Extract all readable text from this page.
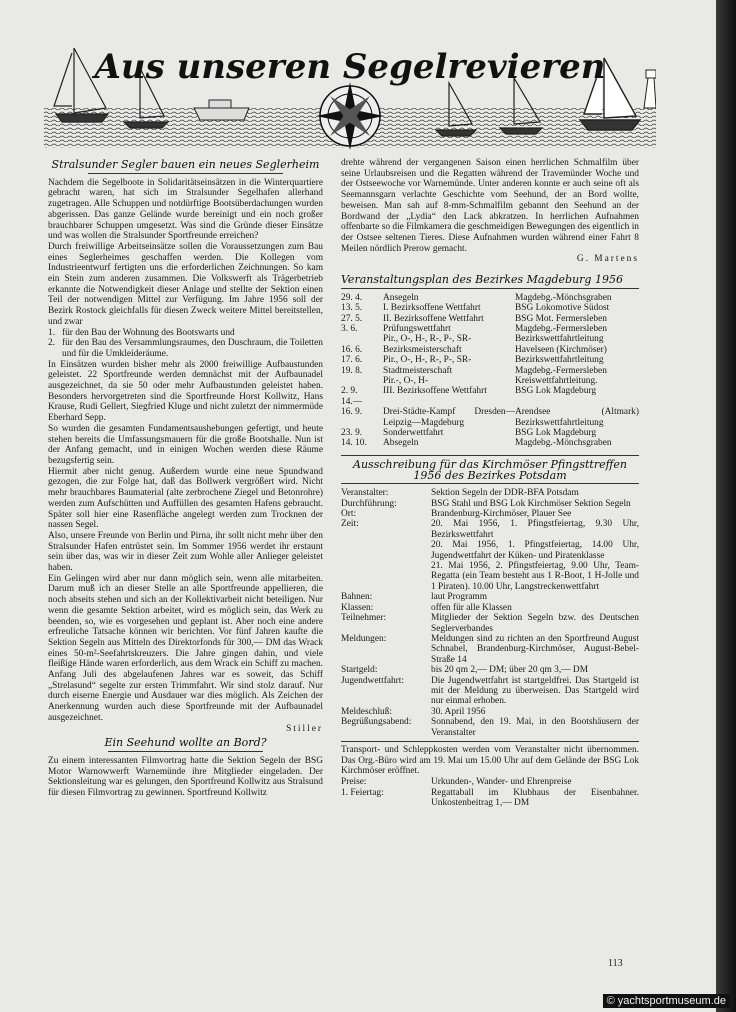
Aus unseren Segelrevieren

Stralsunder Segler bauen ein neues Seglerheim

Nachdem die Segelboote in Solidaritätseinsätzen in die Winterquartiere gebracht waren, hat sich im Stralsunder Segelhafen allerhand zugetragen. Alle Schuppen und notdürftige Bootsüberdachungen wurden abgerissen. Das ganze Gelände wurde bereinigt und ein noch großer brauchbarer Schuppen umgesetzt. Was sind die Gründe dieser Einsätze und was wollen die Stralsunder Sportfreunde erreichen?

Durch freiwillige Arbeitseinsätze sollen die Voraussetzungen zum Bau eines Seglerheimes geschaffen werden. Die Kollegen vom Industrieentwurf fertigten uns die erforderlichen Zeichnungen. So kam ein Stein zum anderen zusammen. Die Volkswerft als Trägerbetrieb erkannte die Notwendigkeit dieser Anlage und stellte der Sektion einen Teil der notwendigen Mittel zur Verfügung. Im Jahre 1956 soll der Bezirk Rostock gleichfalls für diesen Zweck weitere Mittel bereitstellen, und zwar

1. für den Bau der Wohnung des Bootswarts und
2. für den Bau des Versammlungsraumes, den Duschraum, die Toiletten und für die Umkleideräume.

In Einsätzen wurden bisher mehr als 2000 freiwillige Aufbaustunden geleistet. 22 Sportfreunde werden demnächst mit der Aufbaunadel ausgezeichnet, da sie 50 oder mehr Aufbaustunden geleistet haben. Besonders hervorgetreten sind die Sportfreunde Horst Kollwitz, Hans Krause, Rudi Gellert, Siegfried Kluge und nicht zuletzt der nimmermüde Eberhard Sepp.

So wurden die gesamten Fundamentsaushebungen gefertigt, und heute stehen bereits die Umfassungsmauern für die große Bootshalle. Nun ist der Anfang gemacht, und in einigen Wochen werden diese Räume bezugsfertig sein.

Hiermit aber nicht genug. Außerdem wurde eine neue Spundwand gezogen, die zur Folge hat, daß das Bollwerk vergrößert wird. Nicht mehr brauchbares Baumaterial (alte zerbrochene Ziegel und Betonrohre) werden zum Aufschütten und Auffüllen des gesamten Hafens gebraucht. Später soll hier eine Rasenfläche angelegt werden zum Trocknen der nassen Segel.

Also, unsere Freunde von Berlin und Pirna, ihr sollt nicht mehr über den Stralsunder Hafen entrüstet sein. Im Sommer 1956 werdet ihr erstaunt sein über das, was wir in dieser Zeit zum Wohle aller Anlieger geleistet haben.

Ein Gelingen wird aber nur dann möglich sein, wenn alle mitarbeiten. Darum muß ich an dieser Stelle an alle Sportfreunde appellieren, die noch abseits stehen und sich an der Kollektivarbeit nicht beteiligen. Nur wenn die gesamte Sektion arbeitet, wird es möglich sein, das Werk zu beenden, so, wie es vorgesehen und geplant ist. Aber noch eine andere erfreuliche Tatsache können wir berichten. Vor fünf Jahren kaufte die Sektion Segeln aus Mitteln des Direktorfonds für 300,— DM das Wrack eines 50-m²-Seefahrtskreuzers. Die Jahre gingen dahin, und viele fleißige Hände waren erforderlich, aus dem Wrack ein Schiff zu machen. Anfang Juli des abgelaufenen Jahres war es soweit, das Schiff „Strelasund“ segelte zur ersten Trimmfahrt. Wir sind stolz darauf. Nur durch eiserne Energie und Ausdauer war dies möglich. Als Zeichen der Anerkennung wurden auch diese Sportfreunde mit der Aufbaunadel ausgezeichnet.

Stiller

Ein Seehund wollte an Bord?

Zu einem interessanten Filmvortrag hatte die Sektion Segeln der BSG Motor Warnowwerft Warnemünde ihre Mitglieder eingeladen. Der Sektionsleitung war es gelungen, den Sportfreund Kollwitz aus Stralsund für diesen Filmvortrag zu gewinnen. Sportfreund Kollwitz

drehte während der vergangenen Saison einen herrlichen Schmalfilm über seine Urlaubsreisen und die Regatten während der Travemünder Woche und der Ostseewoche vor Warnemünde. Unter anderen konnte er auch seine oft als Seemannsgarn verlachte Geschichte vom Seehund, der an Bord wollte, beweisen. Man sah auf 8-mm-Schmalfilm gebannt den Seehund an der Bordwand der „Lydia“ den Lack abkratzen. In herrlichen Aufnahmen offenbarte so die Filmkamera die geschmeidigen Bewegungen des eigentlich in der Ostsee seltenen Tieres. Diese Aufnahmen wurden während einer Fahrt 8 Meilen nördlich Prerow gemacht.

G. Martens

Veranstaltungsplan des Bezirkes Magdeburg 1956

29. 4.	Ansegeln	Magdebg.-Mönchsgraben
13. 5.	I. Bezirksoffene Wettfahrt	BSG Lokomotive Südost
27. 5.	II. Bezirksoffene Wettfahrt	BSG Mot. Fermersleben
3. 6.	Prüfungswettfahrt	Magdebg.-Fermersleben
	Pir., O-, H-, R-, P-, SR-	Bezirkswettfahrtleitung
16. 6.	Bezirksmeisterschaft	Havelseen (Kirchmöser)
17. 6.	Pir., O-, H-, R-, P-, SR-	Bezirkswettfahrtleitung
19. 8.	Stadtmeisterschaft	Magdebg.-Fermersleben
	Pir.-, O-, H-	Kreiswettfahrtleitung.
2. 9.	III. Bezirksoffene Wettfahrt	BSG Lok Magdeburg
14.—		
16. 9.	Drei-Städte-Kampf Dresden—Leipzig—Magdeburg	Arendsee (Altmark) Bezirkswettfahrtleitung
23. 9.	Sonderwettfahrt	BSG Lok Magdeburg
14. 10.	Absegeln	Magdebg.-Mönchsgraben

Ausschreibung für das Kirchmöser Pfingsttreffen 1956 des Bezirkes Potsdam

Veranstalter:	Sektion Segeln der DDR-BFA Potsdam
Durchführung:	BSG Stahl und BSG Lok Kirchmöser Sektion Segeln
Ort:	Brandenburg-Kirchmöser, Plauer See
Zeit:	20. Mai 1956, 1. Pfingstfeiertag, 9.30 Uhr, Bezirkswettfahrt
	20. Mai 1956, 1. Pfingstfeiertag, 14.00 Uhr, Jugendwettfahrt der Küken- und Piratenklasse
	21. Mai 1956, 2. Pfingstfeiertag, 9.00 Uhr, Team-Regatta (ein Team besteht aus 1 R-Boot, 1 H-Jolle und 1 Piraten). 10.00 Uhr, Langstreckenwettfahrt
Bahnen:	laut Programm
Klassen:	offen für alle Klassen
Teilnehmer:	Mitglieder der Sektion Segeln bzw. des Deutschen Seglerverbandes
Meldungen:	Meldungen sind zu richten an den Sportfreund August Schnabel, Brandenburg-Kirchmöser, August-Bebel-Straße 14
Startgeld:	bis 20 qm 2,— DM; über 20 qm 3,— DM
Jugendwettfahrt:	Die Jugendwettfahrt ist startgeldfrei. Das Startgeld ist mit der Meldung zu überweisen. Das Startgeld wird nur einmal erhoben.
Meldeschluß:	30. April 1956
Begrüßungsabend:	Sonnabend, den 19. Mai, in den Bootshäusern der Veranstalter

Transport- und Schleppkosten werden vom Veranstalter nicht übernommen. Das Org.-Büro wird am 19. Mai um 15.00 Uhr auf dem Gelände der BSG Lok Kirchmöser eröffnet.

Preise:	Urkunden-, Wander- und Ehrenpreise
1. Feiertag:	Regattaball im Klubhaus der Eisenbahner. Unkostenbeitrag 1,— DM
113
© yachtsportmuseum.de
